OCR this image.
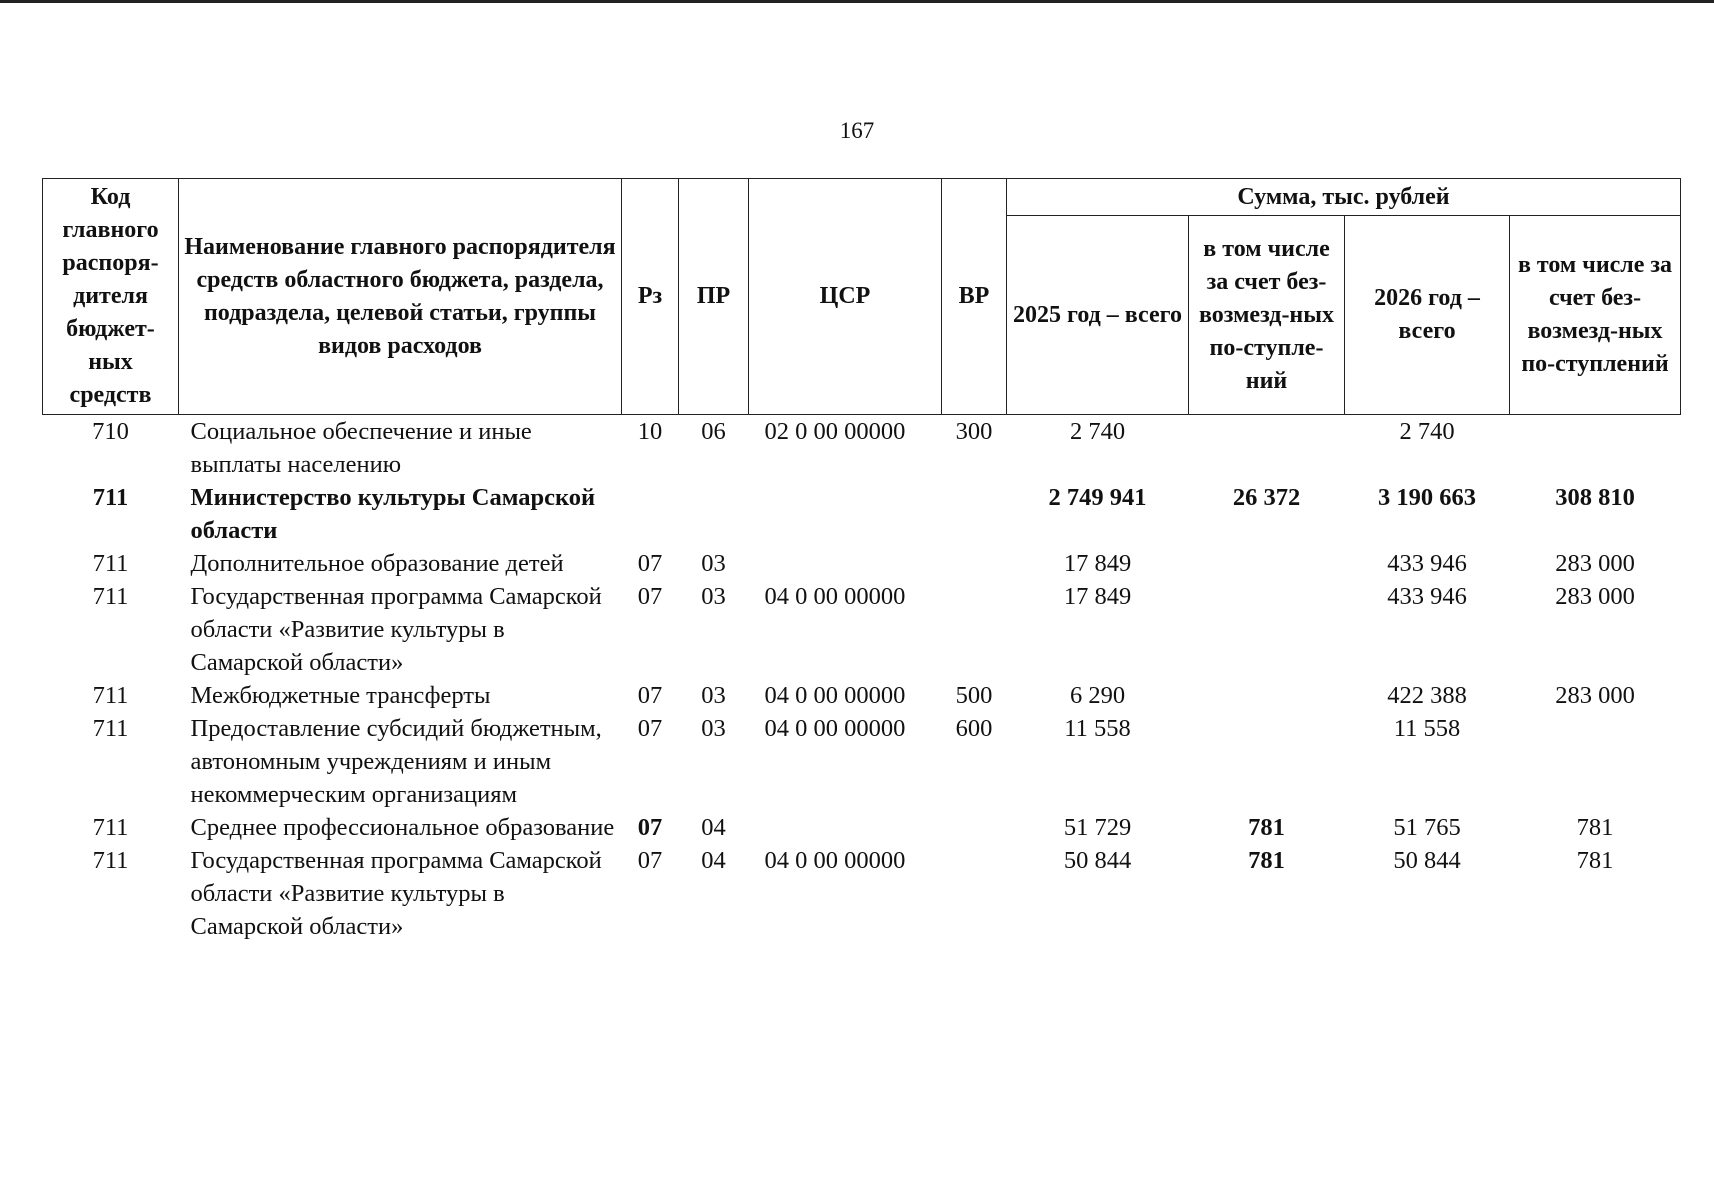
167
Код главного распоря-дителя бюджет-ных средств	Наименование главного распорядителя средств областного бюджета, раздела, подраздела, целевой статьи, группы видов расходов	Рз	ПР	ЦСР	ВР	Сумма, тыс. рублей			
						2025 год – всего	в том числе за счет без-возмезд-ных по-ступле-ний	2026 год – всего	в том числе за счет без-возмезд-ных по-ступлений
710	Социальное обеспечение и иные выплаты населению	10	06	02 0 00 00000	300	2 740		2 740	
711	Министерство культуры Самарской области					2 749 941	26 372	3 190 663	308 810
711	Дополнительное образование детей	07	03			17 849		433 946	283 000
711	Государственная программа Самарской области «Развитие культуры в Самарской области»	07	03	04 0 00 00000		17 849		433 946	283 000
711	Межбюджетные трансферты	07	03	04 0 00 00000	500	6 290		422 388	283 000
711	Предоставление субсидий бюджетным, автономным учреждениям и иным некоммерческим организациям	07	03	04 0 00 00000	600	11 558		11 558	
711	Среднее профессиональное образование	07	04			51 729	781	51 765	781
711	Государственная программа Самарской области «Развитие культуры в Самарской области»	07	04	04 0 00 00000		50 844	781	50 844	781
